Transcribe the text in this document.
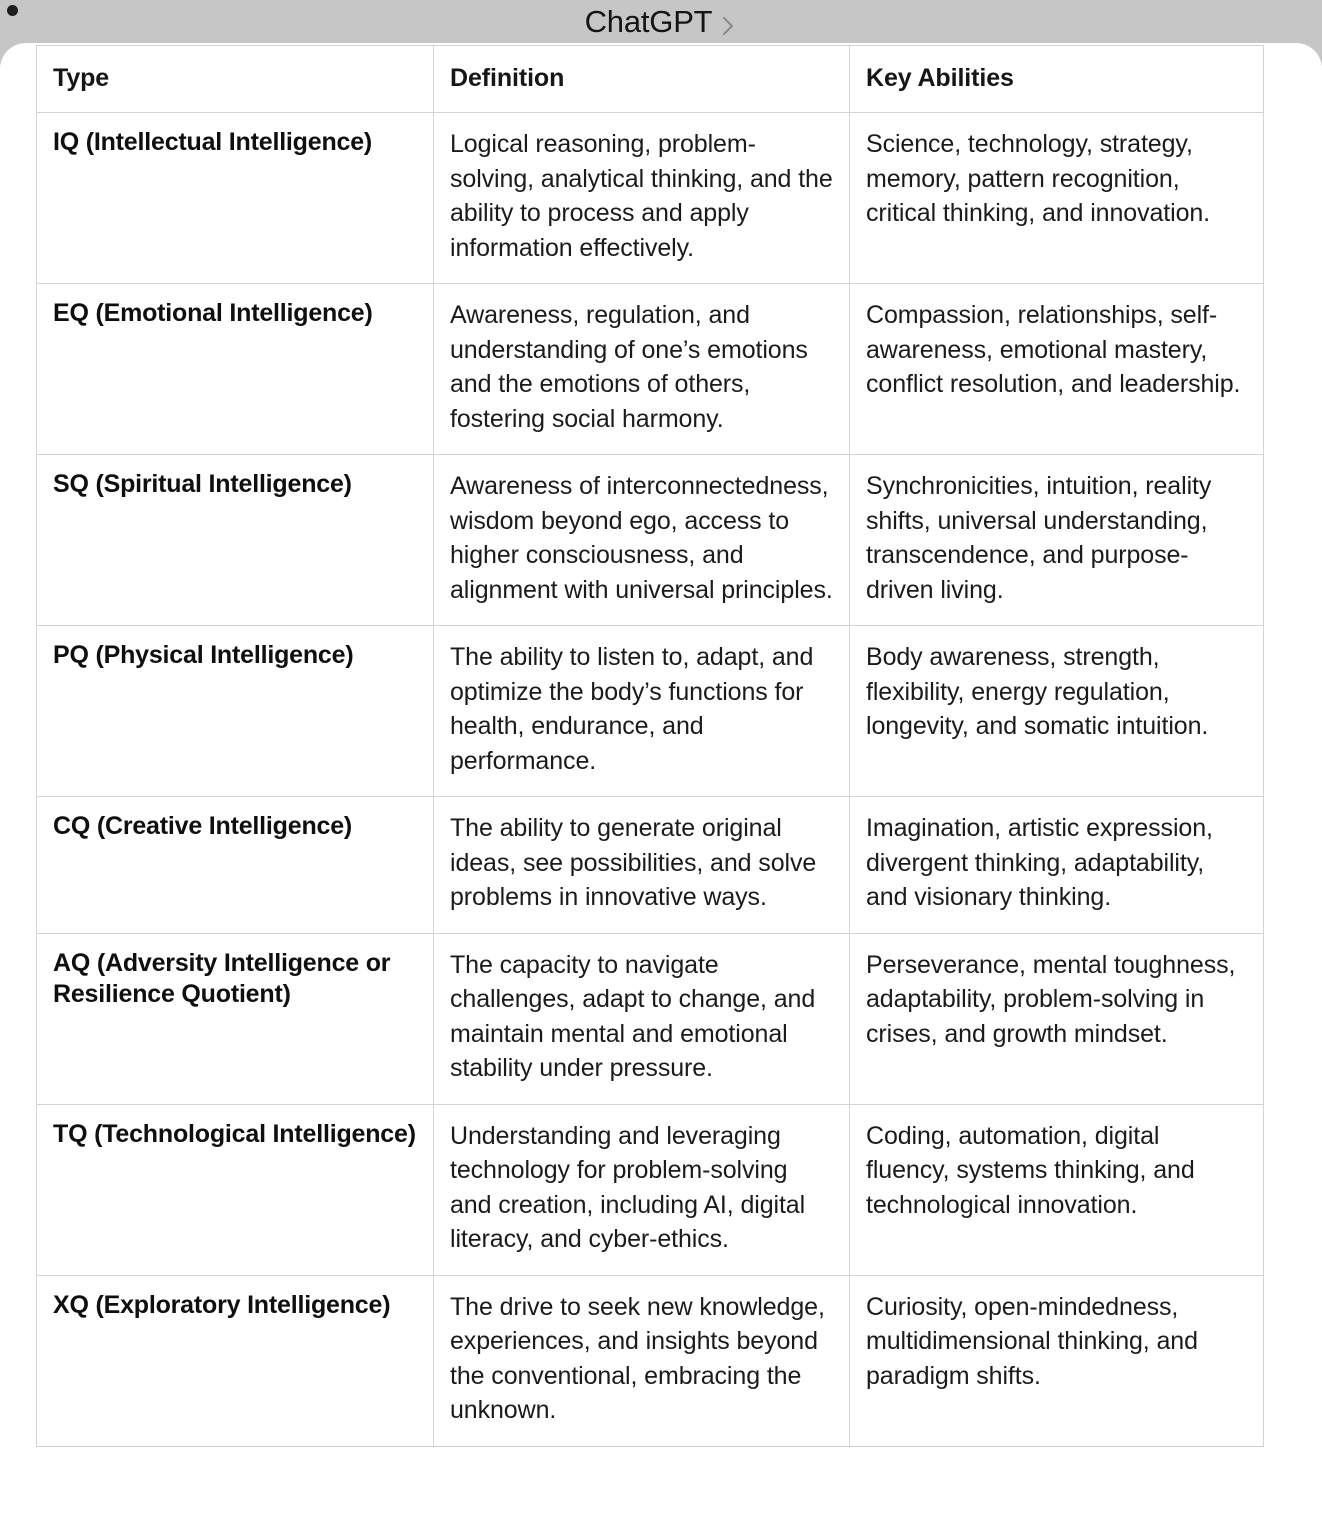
ChatGPT
Type	Definition	Key Abilities
IQ (Intellectual Intelligence)	Logical reasoning, problem-solving, analytical thinking, and the ability to process and apply information effectively.	Science, technology, strategy, memory, pattern recognition, critical thinking, and innovation.
EQ (Emotional Intelligence)	Awareness, regulation, and understanding of one’s emotions and the emotions of others, fostering social harmony.	Compassion, relationships, self-awareness, emotional mastery, conflict resolution, and leadership.
SQ (Spiritual Intelligence)	Awareness of interconnectedness, wisdom beyond ego, access to higher consciousness, and alignment with universal principles.	Synchronicities, intuition, reality shifts, universal understanding, transcendence, and purpose-driven living.
PQ (Physical Intelligence)	The ability to listen to, adapt, and optimize the body’s functions for health, endurance, and performance.	Body awareness, strength, flexibility, energy regulation, longevity, and somatic intuition.
CQ (Creative Intelligence)	The ability to generate original ideas, see possibilities, and solve problems in innovative ways.	Imagination, artistic expression, divergent thinking, adaptability, and visionary thinking.
AQ (Adversity Intelligence or Resilience Quotient)	The capacity to navigate challenges, adapt to change, and maintain mental and emotional stability under pressure.	Perseverance, mental toughness, adaptability, problem-solving in crises, and growth mindset.
TQ (Technological Intelligence)	Understanding and leveraging technology for problem-solving and creation, including AI, digital literacy, and cyber-ethics.	Coding, automation, digital fluency, systems thinking, and technological innovation.
XQ (Exploratory Intelligence)	The drive to seek new knowledge, experiences, and insights beyond the conventional, embracing the unknown.	Curiosity, open-mindedness, multidimensional thinking, and paradigm shifts.
